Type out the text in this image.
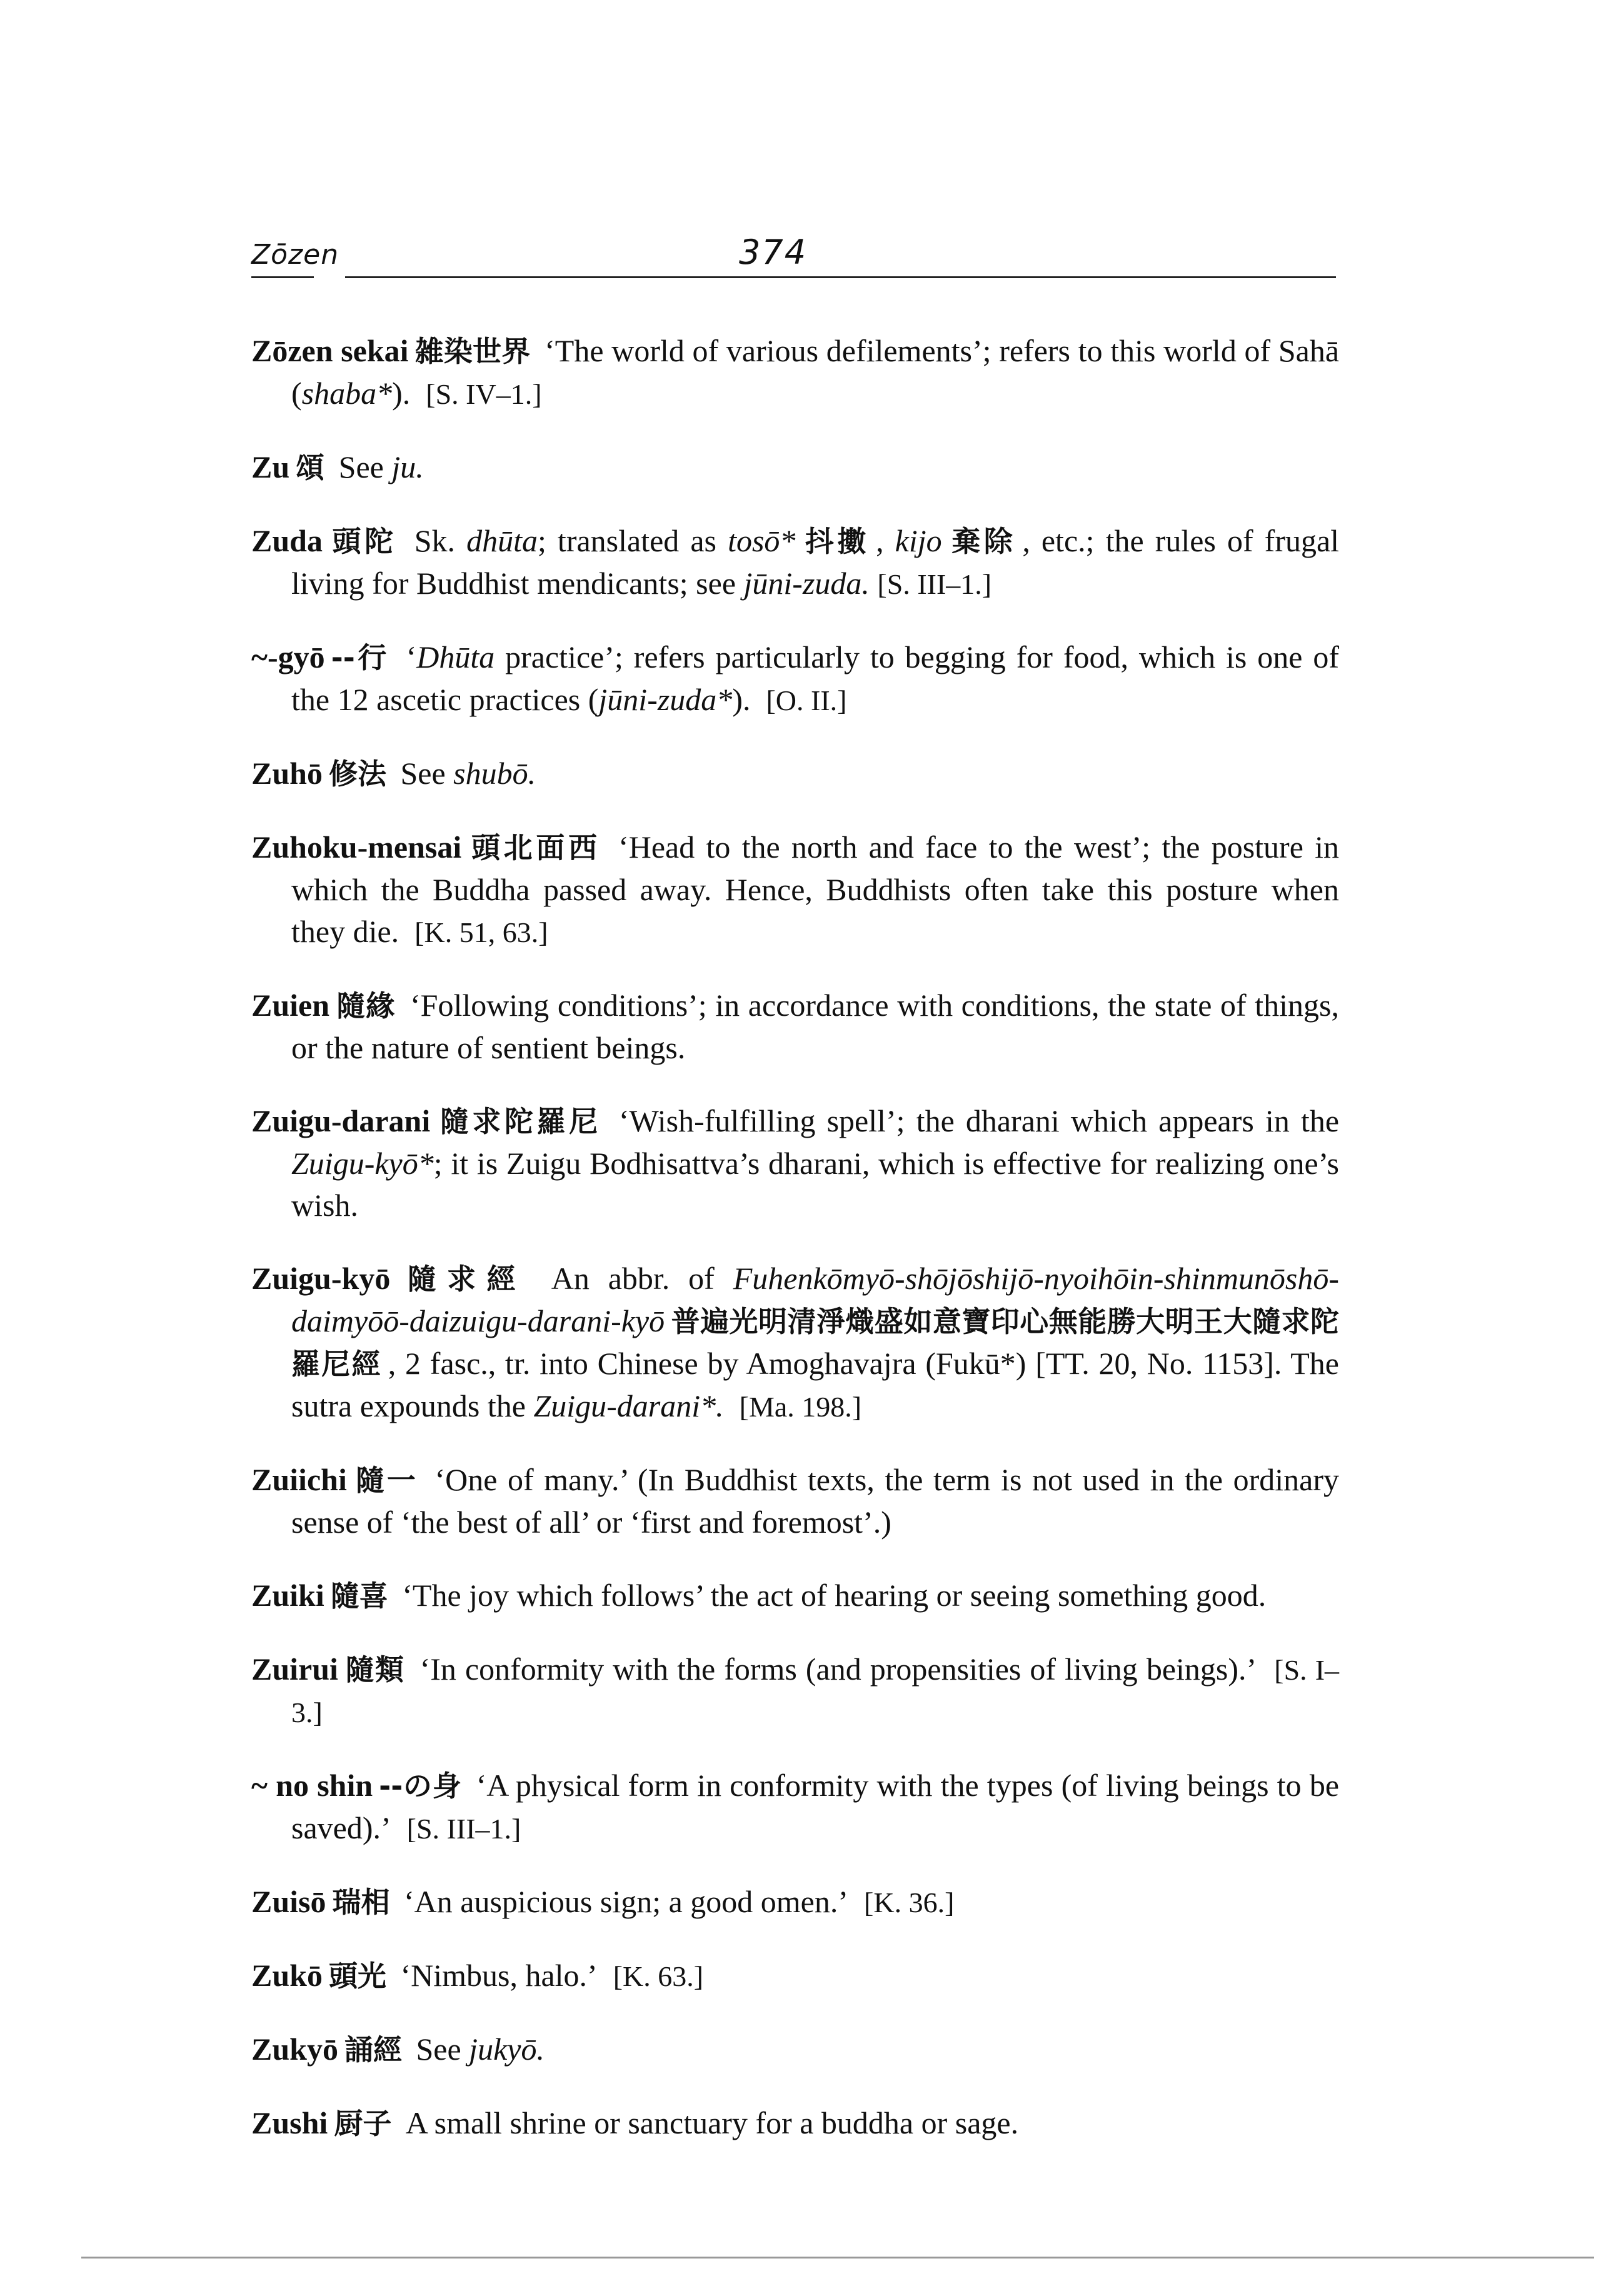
Zōzen	374

Zōzen sekai 雑染世界 ‘The world of various defilements’; refers to this world of Sahā (shaba*). [S. IV–1.]

Zu 頌 See ju.

Zuda 頭陀 Sk. dhūta; translated as tosō* 抖擻 , kijo 棄除 , etc.; the rules of frugal living for Buddhist mendicants; see jūni-zuda. [S. III–1.]

~-gyō --行 ‘Dhūta practice’; refers particularly to begging for food, which is one of the 12 ascetic practices (jūni-zuda*). [O. II.]

Zuhō 修法 See shubō.

Zuhoku-mensai 頭北面西 ‘Head to the north and face to the west’; the posture in which the Buddha passed away. Hence, Buddhists often take this posture when they die. [K. 51, 63.]

Zuien 隨緣 ‘Following conditions’; in accordance with conditions, the state of things, or the nature of sentient beings.

Zuigu-darani 隨求陀羅尼 ‘Wish-fulfilling spell’; the dharani which appears in the Zuigu-kyō*; it is Zuigu Bodhisattva’s dharani, which is effective for realizing one’s wish.

Zuigu-kyō 隨求經 An abbr. of Fuhenkōmyō-shōjōshijō-nyoihōin-shinmunōshō-daimyōō-daizuigu-darani-kyō 普遍光明清淨熾盛如意寶印心無能勝大明王大隨求陀羅尼經 , 2 fasc., tr. into Chinese by Amoghavajra (Fukū*) [TT. 20, No. 1153]. The sutra expounds the Zuigu-darani*. [Ma. 198.]

Zuiichi 隨一 ‘One of many.’ (In Buddhist texts, the term is not used in the ordinary sense of ‘the best of all’ or ‘first and foremost’.)

Zuiki 隨喜 ‘The joy which follows’ the act of hearing or seeing something good.

Zuirui 隨類 ‘In conformity with the forms (and propensities of living beings).’ [S. I–3.]

~ no shin --の身 ‘A physical form in conformity with the types (of living beings to be saved).’ [S. III–1.]

Zuisō 瑞相 ‘An auspicious sign; a good omen.’ [K. 36.]

Zukō 頭光 ‘Nimbus, halo.’ [K. 63.]

Zukyō 誦經 See jukyō.

Zushi 厨子 A small shrine or sanctuary for a buddha or sage.
